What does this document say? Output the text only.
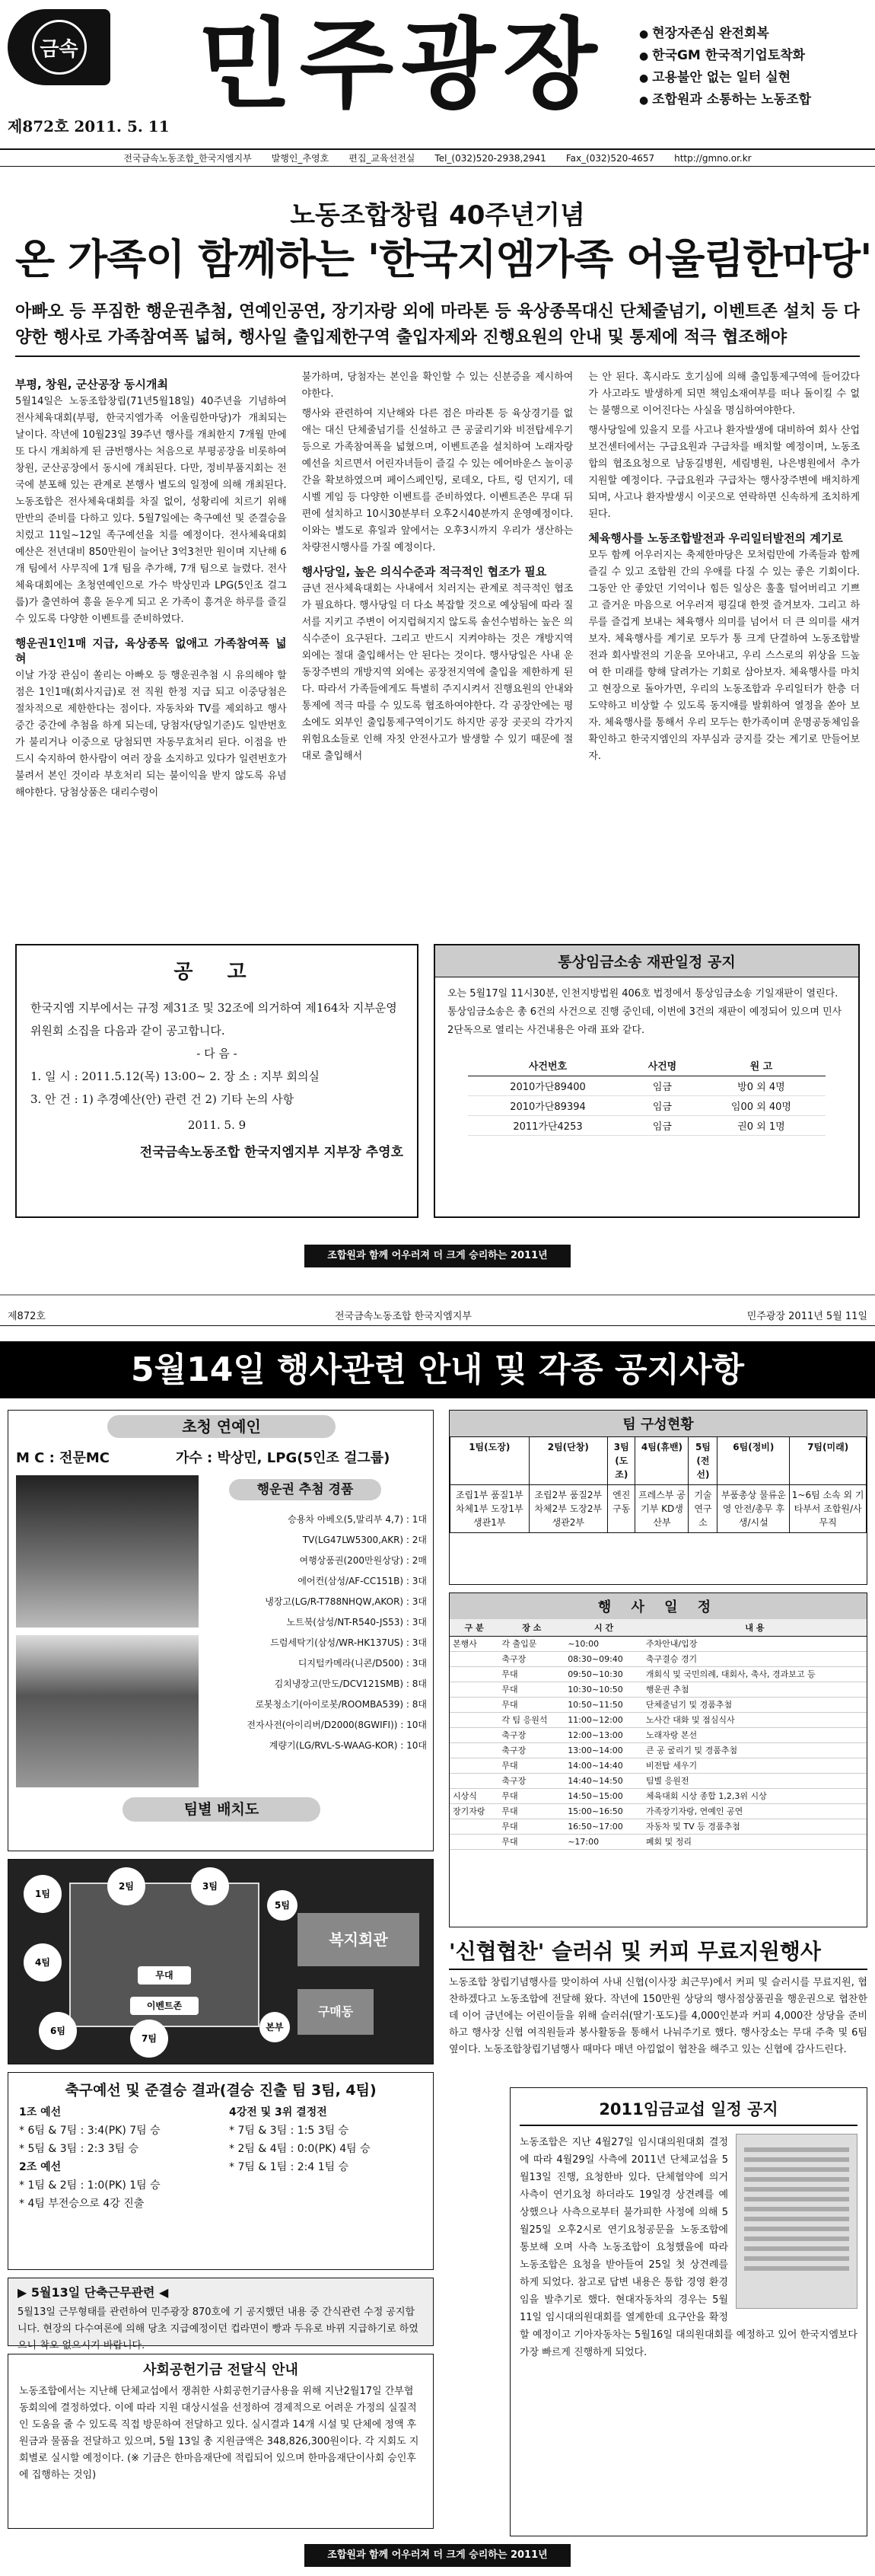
금속 민주광장
제872호 2011. 5. 11
● 현장자존심 완전회복
● 한국GM 한국적기업토착화
● 고용불안 없는 일터 실현
● 조합원과 소통하는 노동조합
전국금속노동조합_한국지엠지부 발행인_추영호 편집_교육선전실 Tel_(032)520-2938,2941 Fax_(032)520-4657 http://gmno.or.kr
노동조합창립 40주년기념
온 가족이 함께하는 '한국지엠가족 어울림한마당'
아빠오 등 푸짐한 행운권추첨, 연예인공연, 장기자랑 외에 마라톤 등 육상종목대신 단체줄넘기, 이벤트존 설치 등 다양한 행사로 가족참여폭 넓혀, 행사일 출입제한구역 출입자제와 진행요원의 안내 및 통제에 적극 협조해야
부평, 창원, 군산공장 동시개최

5월14일은 노동조합창립(71년5월18일) 40주년을 기념하여 전사체육대회(부평, 한국지엠가족 어울림한마당)가 개최되는 날이다. 작년에 10월23일 39주년 행사를 개최한지 7개월 만에 또 다시 개최하게 된 금번행사는 처음으로 부평공장을 비롯하여 창원, 군산공장에서 동시에 개최된다. 다만, 정비부품지회는 전국에 분포해 있는 관계로 본행사 별도의 일정에 의해 개최된다. 노동조합은 전사체육대회를 차질 없이, 성황리에 치르기 위해 만반의 준비를 다하고 있다. 5월7일에는 축구예선 및 준결승을 치렀고 11일~12일 족구예선을 치를 예정이다. 전사체육대회 예산은 전년대비 850만원이 늘어난 3억3천만 원이며 지난해 6개 팀에서 사무직에 1개 팀을 추가해, 7개 팀으로 늘렸다. 전사체육대회에는 초청연예인으로 가수 박상민과 LPG(5인조 걸그룹)가 출연하여 흥을 돋우게 되고 온 가족이 흥겨운 하루를 즐길 수 있도록 다양한 이벤트를 준비하였다.

행운권1인1매 지급, 육상종목 없애고 가족참여폭 넓혀

이날 가장 관심이 쏠리는 아빠오 등 행운권추첨 시 유의해야 할 점은 1인1매(회사지급)로 전 직원 한정 지급 되고 이중당첨은 절차적으로 제한한다는 점이다. 자동차와 TV를 제외하고 행사 중간 중간에 추첨을 하게 되는데, 당첨자(당일기준)도 일반번호가 불리거나 이중으로 당첨되면 자동무효처리 된다. 이점을 반드시 숙지하여 한사람이 여러 장을 소지하고 있다가 일련번호가 불려서 본인 것이라 부호처리 되는 불이익을 받지 않도록 유념해야한다. 당첨상품은 대리수령이

불가하며, 당첨자는 본인을 확인할 수 있는 신분증을 제시하여야한다.

행사와 관련하여 지난해와 다른 점은 마라톤 등 육상경기를 없애는 대신 단체줄넘기를 신설하고 큰 공굴리기와 비전탑세우기 등으로 가족참여폭을 넓혔으며, 이벤트존을 설치하여 노래자랑예선을 치르면서 어린자녀들이 즐길 수 있는 에어바운스 놀이공간을 확보하였으며 페이스페인팅, 로데오, 다트, 링 던지기, 데시벨 게임 등 다양한 이벤트를 준비하였다. 이벤트존은 무대 뒤편에 설치하고 10시30분부터 오후2시40분까지 운영예정이다. 이와는 별도로 휴일과 앞에서는 오후3시까지 우리가 생산하는 차량전시행사를 가질 예정이다.

행사당일, 높은 의식수준과 적극적인 협조가 필요

금년 전사체육대회는 사내에서 치러지는 관계로 적극적인 협조가 필요하다. 행사당일 더 다소 복잡할 것으로 예상됨에 따라 질서를 지키고 주변이 어지럽혀지지 않도록 솔선수범하는 높은 의식수준이 요구된다. 그리고 반드시 지켜야하는 것은 개방지역 외에는 절대 출입해서는 안 된다는 것이다. 행사당일은 사내 운동장주변의 개방지역 외에는 공장전지역에 출입을 제한하게 된다. 따라서 가족들에게도 특별히 주지시켜서 진행요원의 안내와 통제에 적극 따를 수 있도록 협조하여야한다. 각 공장안에는 평소에도 외부인 출입통제구역이기도 하지만 공장 곳곳의 각가지 위험요소들로 인해 자칫 안전사고가 발생할 수 있기 때문에 절대로 출입해서

는 안 된다. 혹시라도 호기심에 의해 출입통제구역에 들어갔다가 사고라도 발생하게 되면 책임소재여부를 떠나 돌이킬 수 없는 불행으로 이어진다는 사실을 명심하여야한다.

행사당일에 있을지 모를 사고나 환자발생에 대비하여 회사 산업보건센터에서는 구급요원과 구급차를 배치할 예정이며, 노동조합의 협조요청으로 남동길병원, 세림병원, 나은병원에서 추가 지원할 예정이다. 구급요원과 구급차는 행사장주변에 배치하게 되며, 사고나 환자발생시 이곳으로 연락하면 신속하게 조치하게 된다.

체육행사를 노동조합발전과 우리일터발전의 계기로

모두 함께 어우러지는 축제한마당은 모처럼만에 가족들과 함께 즐길 수 있고 조합원 간의 우애를 다질 수 있는 좋은 기회이다. 그동안 안 좋았던 기억이나 힘든 일상은 훌훌 털어버리고 기쁘고 즐거운 마음으로 어우러져 평길대 한껏 즐겨보자. 그리고 하루를 즐겁게 보내는 체육행사 의미를 넘어서 더 큰 의미를 새겨보자. 체육행사를 계기로 모두가 통 크게 단결하여 노동조합발전과 회사발전의 기운을 모아내고, 우리 스스로의 위상을 드높여 한 미래를 향해 달려가는 기회로 삼아보자. 체육행사를 마치고 현장으로 돌아가면, 우리의 노동조합과 우리일터가 한층 더 도약하고 비상할 수 있도록 동지애를 발휘하여 열정을 쏟아 보자. 체육행사를 통해서 우리 모두는 한가족이며 운명공동체임을 확인하고 한국지엠인의 자부심과 긍지를 갖는 계기로 만들어보자.

공 고

한국지엠 지부에서는 규정 제31조 및 32조에 의거하여 제164차 지부운영위원회 소집을 다음과 같이 공고합니다.

- 다 음 -

1. 일 시 : 2011.5.12(목) 13:00~ 2. 장 소 : 지부 회의실

3. 안 건 : 1) 추경예산(안) 관련 건 2) 기타 논의 사항

2011. 5. 9
전국금속노동조합 한국지엠지부 지부장 추영호
통상임금소송 재판일정 공지

오는 5월17일 11시30분, 인천지방법원 406호 법정에서 통상임금소송 기일재판이 열린다. 통상임금소송은 총 6건의 사건으로 진행 중인데, 이번에 3건의 재판이 예정되어 있으며 민사2단독으로 열리는 사건내용은 아래 표와 같다.

사건번호	사건명	원 고
2010가단89400	임금	방0 외 4명
2010가단89394	임금	임00 외 40명
2011가단4253	임금	권0 외 1명
조합원과 함께 어우러져 더 크게 승리하는 2011년
제872호	전국금속노동조합 한국지엠지부	민주광장 2011년 5월 11일
5월14일 행사관련 안내 및 각종 공지사항
초청 연예인
M C : 전문MC	가수 : 박상민, LPG(5인조 걸그룹)
행운권 추첨 경품
승용차 아베오(5,말리부 4,7) : 1대
TV(LG47LW5300,AKR) : 2대
여행상품권(200만원상당) : 2매
에어컨(삼성/AF-CC151B) : 3대
냉장고(LG/R-T788NHQW,AKOR) : 3대
노트북(삼성/NT-R540-JS53) : 3대
드럼세탁기(삼성/WR-HK137US) : 3대
디지털카메라(니콘/D500) : 3대
김치냉장고(만도/DCV121SMB) : 8대
로봇청소기(아이로봇/ROOMBA539) : 8대
전자사전(아이리버/D2000(8GWIFI)) : 10대
계량기(LG/RVL-S-WAAG-KOR) : 10대
팀별 배치도
1팀
2팀	3팀
4팀
5팀
6팀
7팀
본부
복지회관
구매동
무대
이벤트존
축구예선 및 준결승 결과(결승 진출 팀 3팀, 4팀)
1조 예선
* 6팀 & 7팀 : 3:4(PK) 7팀 승
* 5팀 & 3팀 : 2:3 3팀 승
2조 예선
* 1팀 & 2팀 : 1:0(PK) 1팀 승
* 4팀 부전승으로 4강 진출
4강전 및 3위 결정전
* 7팀 & 3팀 : 1:5 3팀 승
* 2팀 & 4팀 : 0:0(PK) 4팀 승
* 7팀 & 1팀 : 2:4 1팀 승
▶ 5월13일 단축근무관련 ◀
5월13일 근무형태를 관련하여 민주광장 870호에 기 공지했던 내용 중 간식관련 수정 공지합니다. 현장의 다수여론에 의해 당초 지급예정이던 컵라면이 빵과 두유로 바뀌 지급하기로 하였으니 착오 없으시기 바랍니다.
사회공헌기금 전달식 안내
노동조합에서는 지난해 단체교섭에서 쟁취한 사회공헌기금사용을 위해 지난2월17일 간부협동회의에 결정하였다. 이에 따라 지원 대상시설을 선정하여 경제적으로 어려운 가정의 실질적인 도움을 줄 수 있도록 직접 방문하여 전달하고 있다. 실시결과 14개 시설 및 단체에 정액 후원금과 물품을 전달하고 있으며, 5월 13일 총 지원금액은 348,826,300원이다. 각 지회도 지회별로 실시할 예정이다. (※ 기금은 한마음재단에 적립되어 있으며 한마음재단이사회 승인후에 집행하는 것임)
팀 구성현황
1팀(도장)	2팀(단창)	3팀(도조)	4팀(휴밴)	5팀(전선)	6팀(정비)	7팀(미래)
조립1부 품질1부 차체1부 도장1부 생관1부	조립2부 품질2부 차체2부 도장2부 생관2부	엔진구동	프레스부 공기부 KD생산부	기술연구소	부품총상 물류운영 안전/총무 후생/시설	1~6팀 소속 외 기타부서 조합원/사무직
행 사 일 정
구 분	장 소	시 간	내 용
본행사	각 출입문	~10:00	주차안내/입장
	축구장	08:30~09:40	축구결승 경기
	무대	09:50~10:30	개회식 및 국민의례, 대회사, 축사, 경과보고 등
	무대	10:30~10:50	행운권 추첨
	무대	10:50~11:50	단체줄넘기 및 경품추첨
	각 팀 응원석	11:00~12:00	노사간 대화 및 점심식사
	축구장	12:00~13:00	노래자랑 본선
	축구장	13:00~14:00	큰 공 굴리기 및 경품추첨
	무대	14:00~14:40	비전탑 세우기
	축구장	14:40~14:50	팀별 응원전
시상식	무대	14:50~15:00	체육대회 시상 종합 1,2,3위 시상
장기자랑	무대	15:00~16:50	가족장기자랑, 연예인 공연
	무대	16:50~17:00	자동차 및 TV 등 경품추첨
	무대	~17:00	폐회 및 정리
'신협협찬' 슬러쉬 및 커피 무료지원행사

노동조합 창립기념행사를 맞이하여 사내 신협(이사장 최근무)에서 커피 및 슬러시를 무료지원, 협찬하겠다고 노동조합에 전달해 왔다. 작년에 150만원 상당의 행사점상품권을 행운권으로 협찬한데 이어 금년에는 어린이들을 위해 슬러쉬(딸기·포도)를 4,000인분과 커피 4,000잔 상당을 준비하고 행사장 신협 여직원들과 봉사활동을 통해서 나눠주기로 했다. 행사장소는 무대 주축 및 6팀 옆이다. 노동조합창립기념행사 때마다 매년 아낌없이 협찬을 해주고 있는 신협에 감사드린다.

2011임금교섭 일정 공지

노동조합은 지난 4월27일 임시대의원대회 결정에 따라 4월29일 사측에 2011년 단체교섭을 5월13일 진행, 요청한바 있다. 단체협약에 의거 사측이 연기요청 하더라도 19일경 상견례를 예상했으나 사측으로부터 불가피한 사정에 의해 5월25일 오후2시로 연기요청공문을 노동조합에 통보해 오며 사측 노동조합이 요청했을에 따라 노동조합은 요청을 받아들여 25일 첫 상견례를 하게 되었다. 참고로 답변 내용은 통합 경영 환경임을 발추기로 했다. 현대자동차의 경우는 5월11일 임시대의원대회를 열계한데 요구안을 확정할 예정이고 기아자동차는 5월16일 대의원대회를 예정하고 있어 한국지엠보다 가장 빠르게 진행하게 되었다.

조합원과 함께 어우러져 더 크게 승리하는 2011년
